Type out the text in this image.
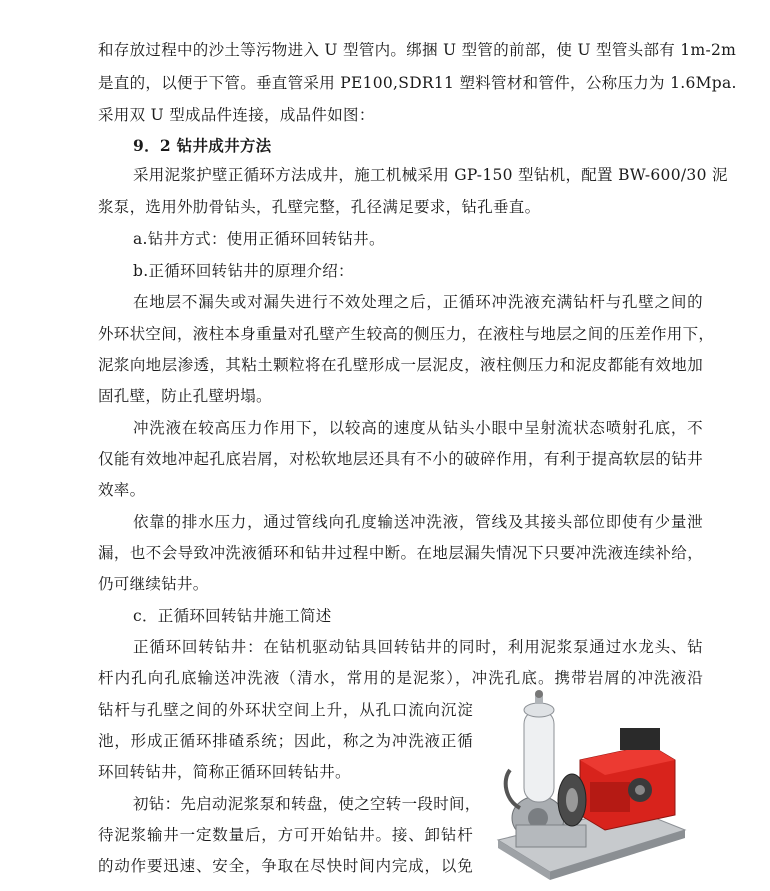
和存放过程中的沙土等污物进入 U 型管内。绑捆 U 型管的前部，使 U 型管头部有 1m-2m
是直的，以便于下管。垂直管采用 PE100,SDR11 塑料管材和管件，公称压力为 1.6Mpa.
采用双 U 型成品件连接，成品件如图：
9．2 钻井成井方法
采用泥浆护壁正循环方法成井，施工机械采用 GP-150 型钻机，配置 BW-600/30 泥
浆泵，选用外肋骨钻头，孔壁完整，孔径满足要求，钻孔垂直。
a.钻井方式：使用正循环回转钻井。
b.正循环回转钻井的原理介绍：
在地层不漏失或对漏失进行不效处理之后，正循环冲洗液充满钻杆与孔壁之间的
外环状空间，液柱本身重量对孔壁产生较高的侧压力，在液柱与地层之间的压差作用下，
泥浆向地层渗透，其粘土颗粒将在孔壁形成一层泥皮，液柱侧压力和泥皮都能有效地加
固孔壁，防止孔壁坍塌。
冲洗液在较高压力作用下，以较高的速度从钻头小眼中呈射流状态喷射孔底，不
仅能有效地冲起孔底岩屑，对松软地层还具有不小的破碎作用，有利于提高软层的钻井
效率。
依靠的排水压力，通过管线向孔度输送冲洗液，管线及其接头部位即使有少量泄
漏，也不会导致冲洗液循环和钻井过程中断。在地层漏失情况下只要冲洗液连续补给，
仍可继续钻井。
c．正循环回转钻井施工简述
正循环回转钻井：在钻机驱动钻具回转钻井的同时，利用泥浆泵通过水龙头、钻
杆内孔向孔底输送冲洗液（清水，常用的是泥浆），冲洗孔底。携带岩屑的冲洗液沿
钻杆与孔壁之间的外环状空间上升，从孔口流向沉淀
池，形成正循环排碴系统；因此，称之为冲洗液正循
环回转钻井，简称正循环回转钻井。
初钻：先启动泥浆泵和转盘，使之空转一段时间，
待泥浆输井一定数量后，方可开始钻井。接、卸钻杆
的动作要迅速、安全，争取在尽快时间内完成，以免
